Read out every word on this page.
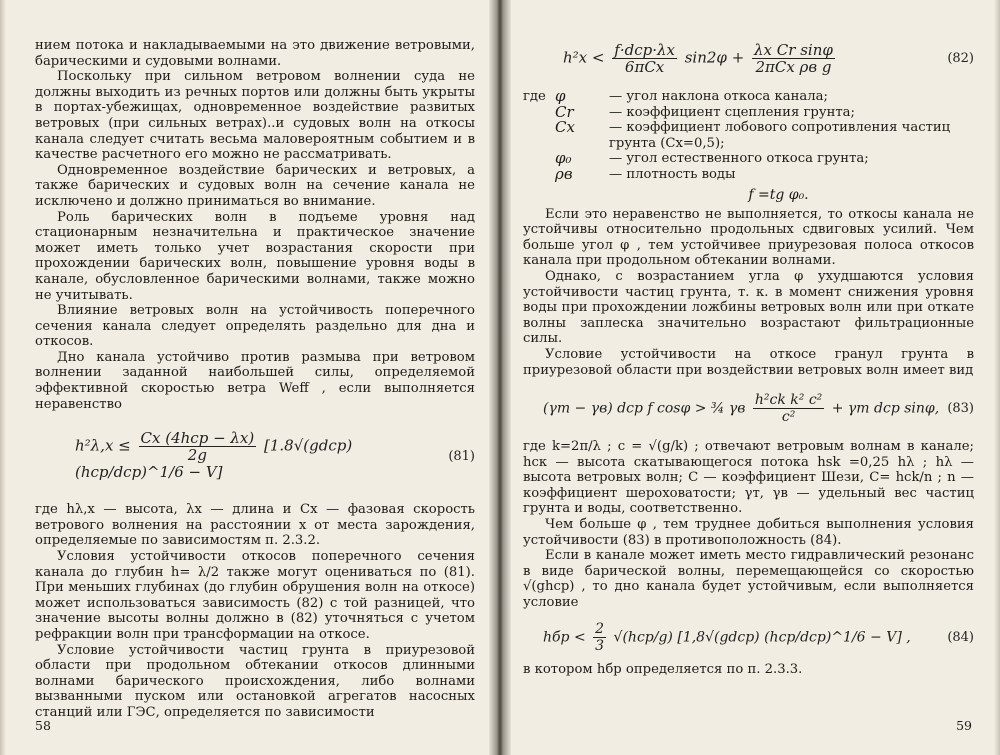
нием потока и накладываемыми на это движение ветровыми, барическими и судовыми волнами.

Поскольку при сильном ветровом волнении суда не должны выходить из речных портов или должны быть укрыты в портах-убежищах, одновременное воздействие развитых ветровых (при сильных ветрах)..и судовых волн на откосы канала следует считать весьма маловероятным событием и в качестве расчетного его можно не рассматривать.

Одновременное воздействие барических и ветровых, а также барических и судовых волн на сечение канала не исключено и должно приниматься во внимание.

Роль барических волн в подъеме уровня над стационарным незначительна и практическое значение может иметь только учет возрастания скорости при прохождении барических волн, повышение уровня воды в канале, обусловленное барическими волнами, также можно не учитывать.

Влияние ветровых волн на устойчивость поперечного сечения канала следует определять раздельно для дна и откосов.

Дно канала устойчиво против размыва при ветровом волнении заданной наибольшей силы, определяемой эффективной скоростью ветра Weff , если выполняется неравенство

$h^2\lambda,x \le \frac{\text{Cx (4hcp − λx)}}{2g}$ [1.8√(gdcp) (hcp/dcp)^1/6 − V]
(81)

где hλ,x — высота, λx — длина и Cx — фазовая скорость ветрового волнения на расстоянии x от места зарождения, определяемые по зависимостям п. 2.3.2.

Условия устойчивости откосов поперечного сечения канала до глубин h= λ/2 также могут оцениваться по (81). При меньших глубинах (до глубин обрушения волн на откосе) может использоваться зависимость (82) с той разницей, что значение высоты волны должно в (82) уточняться с учетом рефракции волн при трансформации на откосе.

Условие устойчивости частиц грунта в приурезовой области при продольном обтекании откосов длинными волнами барического происхождения, либо волнами вызванными пуском или остановкой агрегатов насосных станций или ГЭС, определяется по зависимости

58
$h^2x < \frac{\text{f·dcp·λx}}{\text{6πCx}} \sin 2\varphi + \frac{\text{λx Cr sinφ}}{\text{2πCx ρв g}}$	(82)
где φ	— угол наклона откоса канала;
Cr	— коэффициент сцепления грунта;
Cx	— коэффициент лобового сопротивления частиц грунта (Cx=0,5);
φ₀	— угол естественного откоса грунта;
ρв	— плотность воды
f =tg φ₀.

Если это неравенство не выполняется, то откосы канала не устойчивы относительно продольных сдвиговых усилий. Чем больше угол φ , тем устойчивее приурезовая полоса откосов канала при продольном обтекании волнами.

Однако, с возрастанием угла φ ухудшаются условия устойчивости частиц грунта, т. к. в момент снижения уровня воды при прохождении ложбины ветровых волн или при откате волны заплеска значительно возрастают фильтрационные силы.

Условие устойчивости на откосе гранул грунта в приурезовой области при воздействии ветровых волн имеет вид

(γт − γв) dcp f cosφ > ¾ γв $\frac{\text{h²ck k² c²}}{\text{c²}} + \gamma т$ dcp sinφ, (83)

где k=2π/λ ; c = √(g/k) ; отвечают ветровым волнам в канале; hск — высота скатывающегося потока hsk =0,25 hλ ; hλ — высота ветровых волн; C — коэффициент Шези, C= hck/n ; n — коэффициент шероховатости; γт, γв — удельный вес частиц грунта и воды, соответственно.

Чем больше φ , тем труднее добиться выполнения условия устойчивости (83) в противоположность (84).

Если в канале может иметь место гидравлический резонанс в виде барической волны, перемещающейся со скоростью √(ghcp) , то дно канала будет устойчивым, если выполняется условие

hбр < $\frac{2}{3} √(hcp/g)$ [1,8√(gdcp) (hcp/dcp)^1/6 − V] ,	(84)

в котором hбр определяется по п. 2.3.3.

59
